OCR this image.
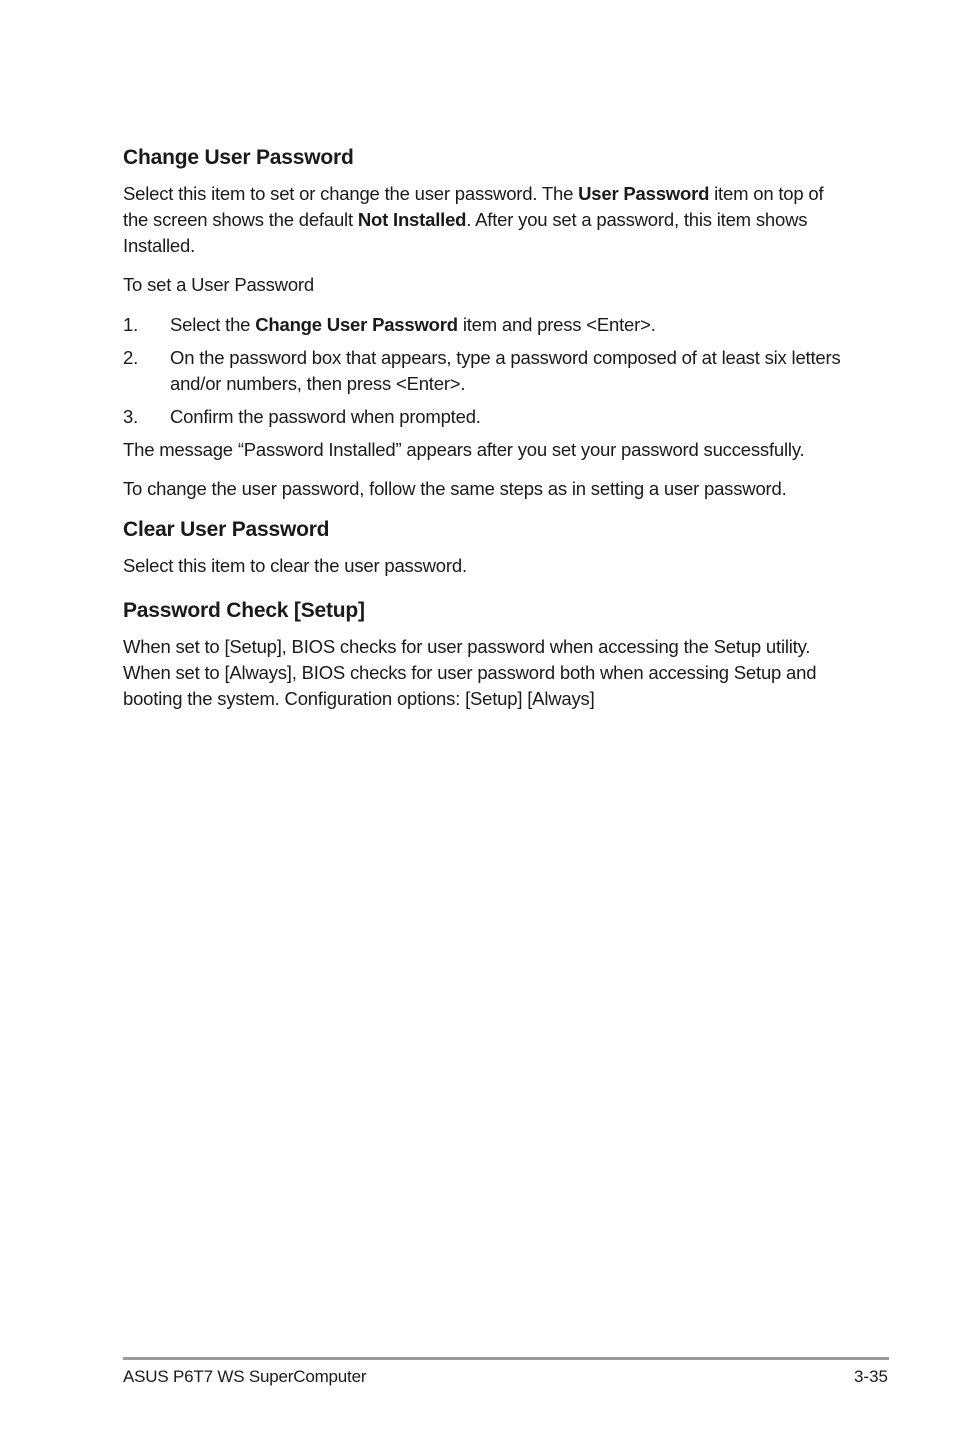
Change User Password

Select this item to set or change the user password. The User Password item on top of the screen shows the default Not Installed. After you set a password, this item shows Installed.

To set a User Password

1. Select the Change User Password item and press <Enter>.
2. On the password box that appears, type a password composed of at least six letters and/or numbers, then press <Enter>.
3. Confirm the password when prompted.

The message “Password Installed” appears after you set your password successfully.

To change the user password, follow the same steps as in setting a user password.

Clear User Password

Select this item to clear the user password.

Password Check [Setup]

When set to [Setup], BIOS checks for user password when accessing the Setup utility. When set to [Always], BIOS checks for user password both when accessing Setup and booting the system. Configuration options: [Setup] [Always]

ASUS P6T7 WS SuperComputer	3-35
